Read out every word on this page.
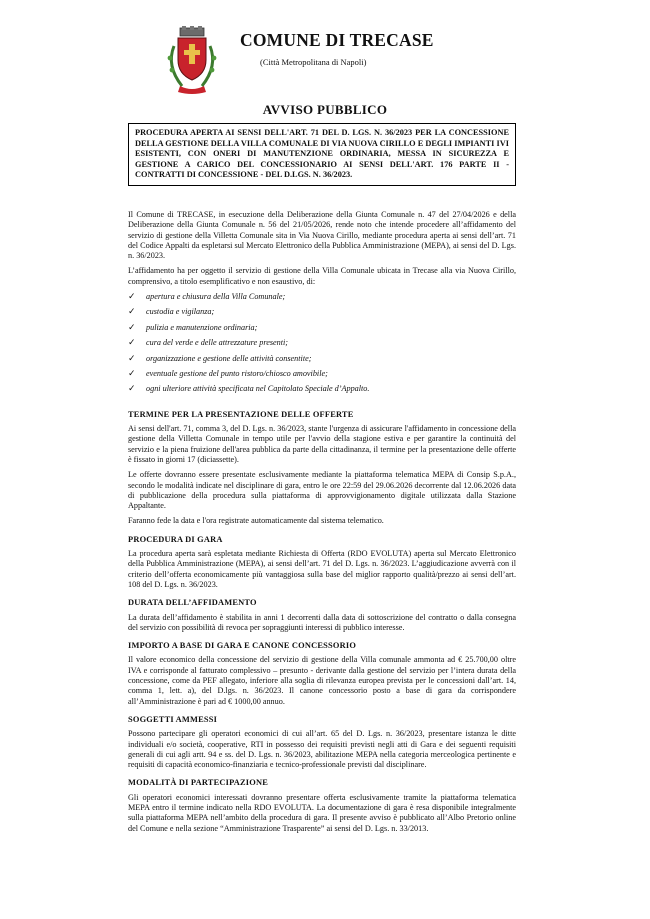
COMUNE DI TRECASE
(Città Metropolitana di Napoli)
AVVISO PUBBLICO
PROCEDURA APERTA AI SENSI DELL'ART. 71 DEL D. LGS. N. 36/2023 PER LA CONCESSIONE DELLA GESTIONE DELLA VILLA COMUNALE DI VIA NUOVA CIRILLO E DEGLI IMPIANTI IVI ESISTENTI, CON ONERI DI MANUTENZIONE ORDINARIA, MESSA IN SICUREZZA E GESTIONE A CARICO DEL CONCESSIONARIO AI SENSI DELL'ART. 176 PARTE II - CONTRATTI DI CONCESSIONE - DEL D.LGS. N. 36/2023.

Il Comune di TRECASE, in esecuzione della Deliberazione della Giunta Comunale n. 47 del 27/04/2026 e della Deliberazione della Giunta Comunale n. 56 del 21/05/2026, rende noto che intende procedere all’affidamento del servizio di gestione della Villetta Comunale sita in Via Nuova Cirillo, mediante procedura aperta ai sensi dell’art. 71 del Codice Appalti da espletarsi sul Mercato Elettronico della Pubblica Amministrazione (MEPA), ai sensi del D. Lgs. n. 36/2023.

L’affidamento ha per oggetto il servizio di gestione della Villa Comunale ubicata in Trecase alla via Nuova Cirillo, comprensivo, a titolo esemplificativo e non esaustivo, di:

✓ apertura e chiusura della Villa Comunale;
✓ custodia e vigilanza;
✓ pulizia e manutenzione ordinaria;
✓ cura del verde e delle attrezzature presenti;
✓ organizzazione e gestione delle attività consentite;
✓ eventuale gestione del punto ristoro/chiosco amovibile;
✓ ogni ulteriore attività specificata nel Capitolato Speciale d’Appalto.
TERMINE PER LA PRESENTAZIONE DELLE OFFERTE

Ai sensi dell'art. 71, comma 3, del D. Lgs. n. 36/2023, stante l'urgenza di assicurare l'affidamento in concessione della gestione della Villetta Comunale in tempo utile per l'avvio della stagione estiva e per garantire la continuità del servizio e la piena fruizione dell'area pubblica da parte della cittadinanza, il termine per la presentazione delle offerte è fissato in giorni 17 (diciassette).

Le offerte dovranno essere presentate esclusivamente mediante la piattaforma telematica MEPA di Consip S.p.A., secondo le modalità indicate nel disciplinare di gara, entro le ore 22:59 del 29.06.2026 decorrente dal 12.06.2026 data di pubblicazione della procedura sulla piattaforma di approvvigionamento digitale utilizzata dalla Stazione Appaltante.

Faranno fede la data e l'ora registrate automaticamente dal sistema telematico.

PROCEDURA DI GARA

La procedura aperta sarà espletata mediante Richiesta di Offerta (RDO EVOLUTA) aperta sul Mercato Elettronico della Pubblica Amministrazione (MEPA), ai sensi dell’art. 71 del D. Lgs. n. 36/2023. L’aggiudicazione avverrà con il criterio dell’offerta economicamente più vantaggiosa sulla base del miglior rapporto qualità/prezzo ai sensi dell’art. 108 del D. Lgs. n. 36/2023.

DURATA DELL’AFFIDAMENTO

La durata dell’affidamento è stabilita in anni 1 decorrenti dalla data di sottoscrizione del contratto o dalla consegna del servizio con possibilità di revoca per sopraggiunti interessi di pubblico interesse.

IMPORTO A BASE DI GARA E CANONE CONCESSORIO

Il valore economico della concessione del servizio di gestione della Villa comunale ammonta ad € 25.700,00 oltre IVA e corrisponde al fatturato complessivo – presunto - derivante dalla gestione del servizio per l’intera durata della concessione, come da PEF allegato, inferiore alla soglia di rilevanza europea prevista per le concessioni dall’art. 14, comma 1, lett. a), del D.lgs. n. 36/2023. Il canone concessorio posto a base di gara da corrispondere all’Amministrazione è pari ad € 1000,00 annuo.

SOGGETTI AMMESSI

Possono partecipare gli operatori economici di cui all’art. 65 del D. Lgs. n. 36/2023, presentare istanza le ditte individuali e/o società, cooperative, RTI in possesso dei requisiti previsti negli atti di Gara e dei seguenti requisiti generali di cui agli artt. 94 e ss. del D. Lgs. n. 36/2023, abilitazione MEPA nella categoria merceologica pertinente e requisiti di capacità economico-finanziaria e tecnico-professionale previsti dal disciplinare.

MODALITÀ DI PARTECIPAZIONE

Gli operatori economici interessati dovranno presentare offerta esclusivamente tramite la piattaforma telematica MEPA entro il termine indicato nella RDO EVOLUTA. La documentazione di gara è resa disponibile integralmente sulla piattaforma MEPA nell’ambito della procedura di gara. Il presente avviso è pubblicato all’Albo Pretorio online del Comune e nella sezione “Amministrazione Trasparente” ai sensi del D. Lgs. n. 33/2013.
